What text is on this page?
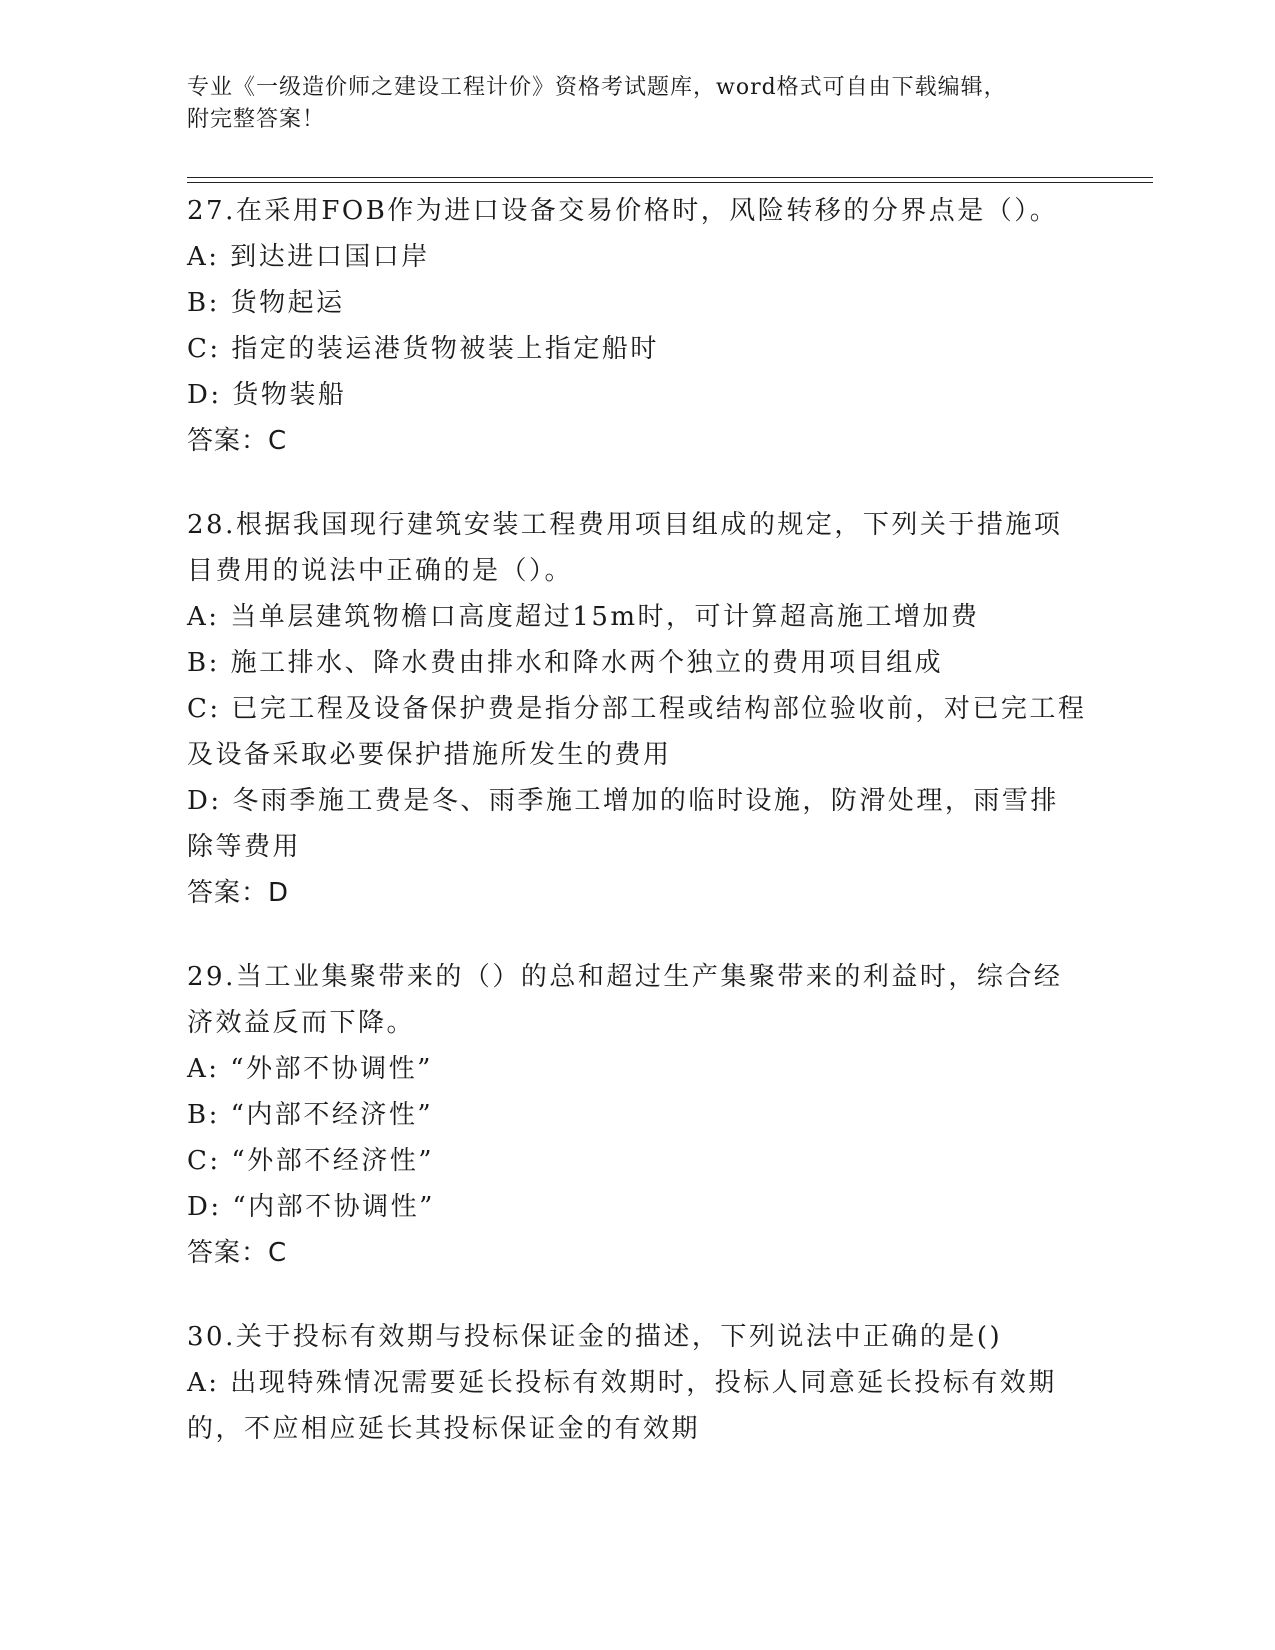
专业《一级造价师之建设工程计价》资格考试题库，word格式可自由下载编辑，
附完整答案！
27.在采用FOB作为进口设备交易价格时，风险转移的分界点是（）。
A: 到达进口国口岸
B: 货物起运
C: 指定的装运港货物被装上指定船时
D: 货物装船
答案：C
28.根据我国现行建筑安装工程费用项目组成的规定，下列关于措施项目费用的说法中正确的是（）。
A: 当单层建筑物檐口高度超过15m时，可计算超高施工增加费
B: 施工排水、降水费由排水和降水两个独立的费用项目组成
C: 已完工程及设备保护费是指分部工程或结构部位验收前，对已完工程及设备采取必要保护措施所发生的费用
D: 冬雨季施工费是冬、雨季施工增加的临时设施，防滑处理，雨雪排除等费用
答案：D
29.当工业集聚带来的（）的总和超过生产集聚带来的利益时，综合经济效益反而下降。
A: “外部不协调性”
B: “内部不经济性”
C: “外部不经济性”
D: “内部不协调性”
答案：C
30.关于投标有效期与投标保证金的描述，下列说法中正确的是()
A: 出现特殊情况需要延长投标有效期时，投标人同意延长投标有效期的，不应相应延长其投标保证金的有效期
